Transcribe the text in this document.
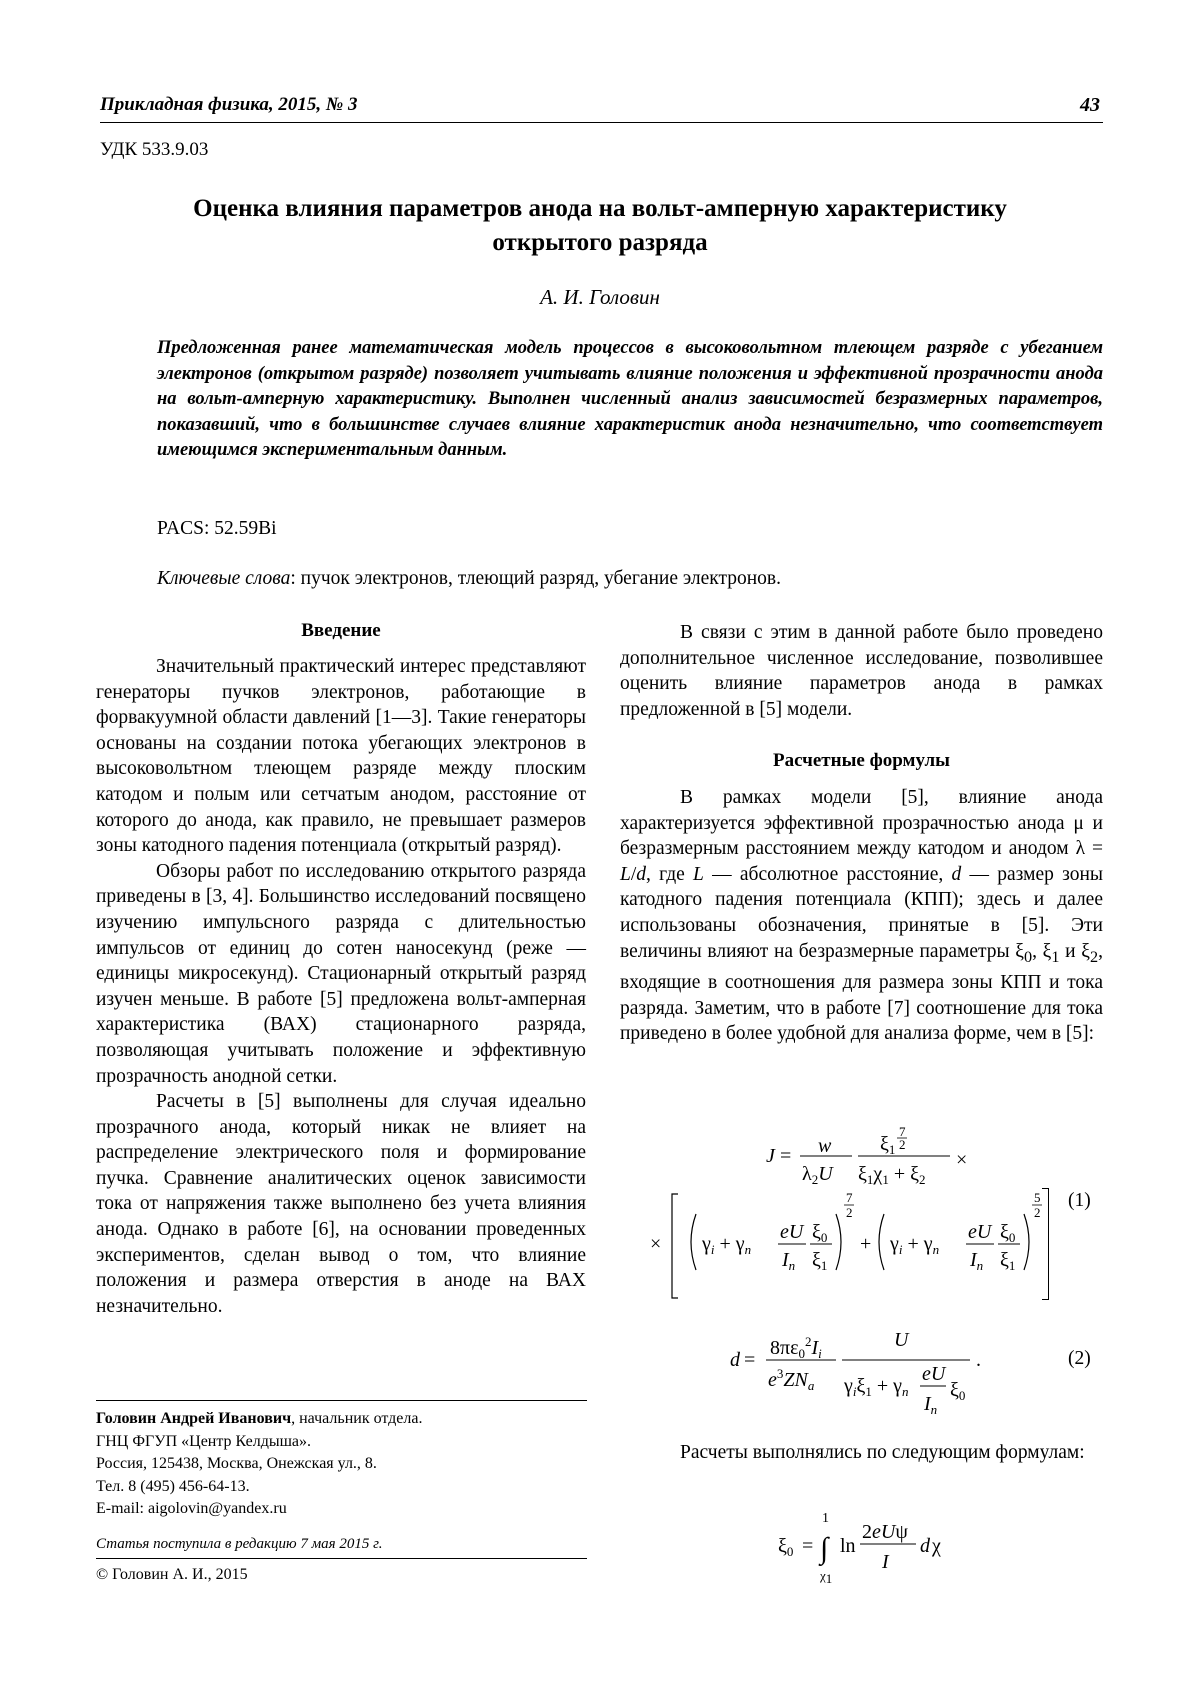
Прикладная физика, 2015, № 3	43
УДК 533.9.03
Оценка влияния параметров анода на вольт-амперную характеристику
открытого разряда
А. И. Головин
Предложенная ранее математическая модель процессов в высоковольтном тлеющем разряде с убеганием электронов (открытом разряде) позволяет учитывать влияние положения и эффективной прозрачности анода на вольт-амперную характеристику. Выполнен численный анализ зависимостей безразмерных параметров, показавший, что в большинстве случаев влияние характеристик анода незначительно, что соответствует имеющимся экспериментальным данным.
PACS: 52.59Bi
Ключевые слова: пучок электронов, тлеющий разряд, убегание электронов.
Введение

Значительный практический интерес представляют генераторы пучков электронов, работающие в форвакуумной области давлений [1—3]. Такие генераторы основаны на создании потока убегающих электронов в высоковольтном тлеющем разряде между плоским катодом и полым или сетчатым анодом, расстояние от которого до анода, как правило, не превышает размеров зоны катодного падения потенциала (открытый разряд).

Обзоры работ по исследованию открытого разряда приведены в [3, 4]. Большинство исследований посвящено изучению импульсного разряда с длительностью импульсов от единиц до сотен наносекунд (реже — единицы микросекунд). Стационарный открытый разряд изучен меньше. В работе [5] предложена вольт-амперная характеристика (ВАХ) стационарного разряда, позволяющая учитывать положение и эффективную прозрачность анодной сетки.

Расчеты в [5] выполнены для случая идеально прозрачного анода, который никак не влияет на распределение электрического поля и формирование пучка. Сравнение аналитических оценок зависимости тока от напряжения также выполнено без учета влияния анода. Однако в работе [6], на основании проведенных экспериментов, сделан вывод о том, что влияние положения и размера отверстия в аноде на ВАХ незначительно.

Головин Андрей Иванович, начальник отдела.
ГНЦ ФГУП «Центр Келдыша».
Россия, 125438, Москва, Онежская ул., 8.
Тел. 8 (495) 456-64-13.
E-mail: aigolovin@yandex.ru
Статья поступила в редакцию 7 мая 2015 г.
© Головин А. И., 2015

В связи с этим в данной работе было проведено дополнительное численное исследование, позволившее оценить влияние параметров анода в рамках предложенной в [5] модели.

Расчетные формулы

В рамках модели [5], влияние анода характеризуется эффективной прозрачностью анода μ и безразмерным расстоянием между катодом и анодом λ = L/d, где L — абсолютное расстояние, d — размер зоны катодного падения потенциала (КПП); здесь и далее использованы обозначения, принятые в [5]. Эти величины влияют на безразмерные параметры $\xi_0$, $\xi_1$ и $\xi_2$, входящие в соотношения для размера зоны КПП и тока разряда. Заметим, что в работе [7] соотношение для тока приведено в более удобной для анализа форме, чем в [5]:

J = w
$\lambda_2U$
$\xi_1$
7
2
$\xi_1\chi_1 + \xi_2$
×
× $\gamma_i + \gamma_n$
eU
$I_n$
$\xi_0$
$\xi_1$
7
2
+ $\gamma_i + \gamma_n$
eU
$I_n$
$\xi_0$
$\xi_1$
5
2
(1)
d =
$8\pi\varepsilon_0^2I_i$
$e^3ZN_a$
U
$\gamma_i\xi_1 + \gamma_n$
eU
$I_n$
$\xi_0$
.	(2)

Расчеты выполнялись по следующим формулам:

$\xi_0$ =
1
∫
χ1
ln
2eUψ
I
d χ
